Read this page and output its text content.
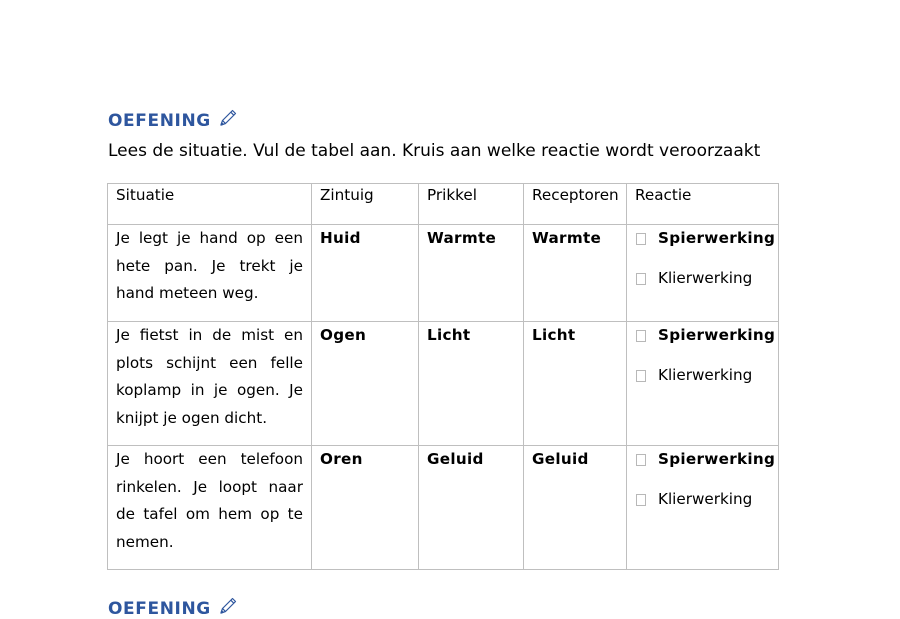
OEFENING
Lees de situatie. Vul de tabel aan. Kruis aan welke reactie wordt veroorzaakt
Situatie	Zintuig	Prikkel	Receptoren	Reactie
Je legt je hand op een hete pan. Je trekt je hand meteen weg.	Huid	Warmte	Warmte	Spierwerking
Klierwerking

Je fietst in de mist en plots schijnt een felle koplamp in je ogen. Je knijpt je ogen dicht.	Ogen	Licht	Licht	Spierwerking
Klierwerking

Je hoort een telefoon rinkelen. Je loopt naar de tafel om hem op te nemen.	Oren	Geluid	Geluid	Spierwerking
Klierwerking
OEFENING
